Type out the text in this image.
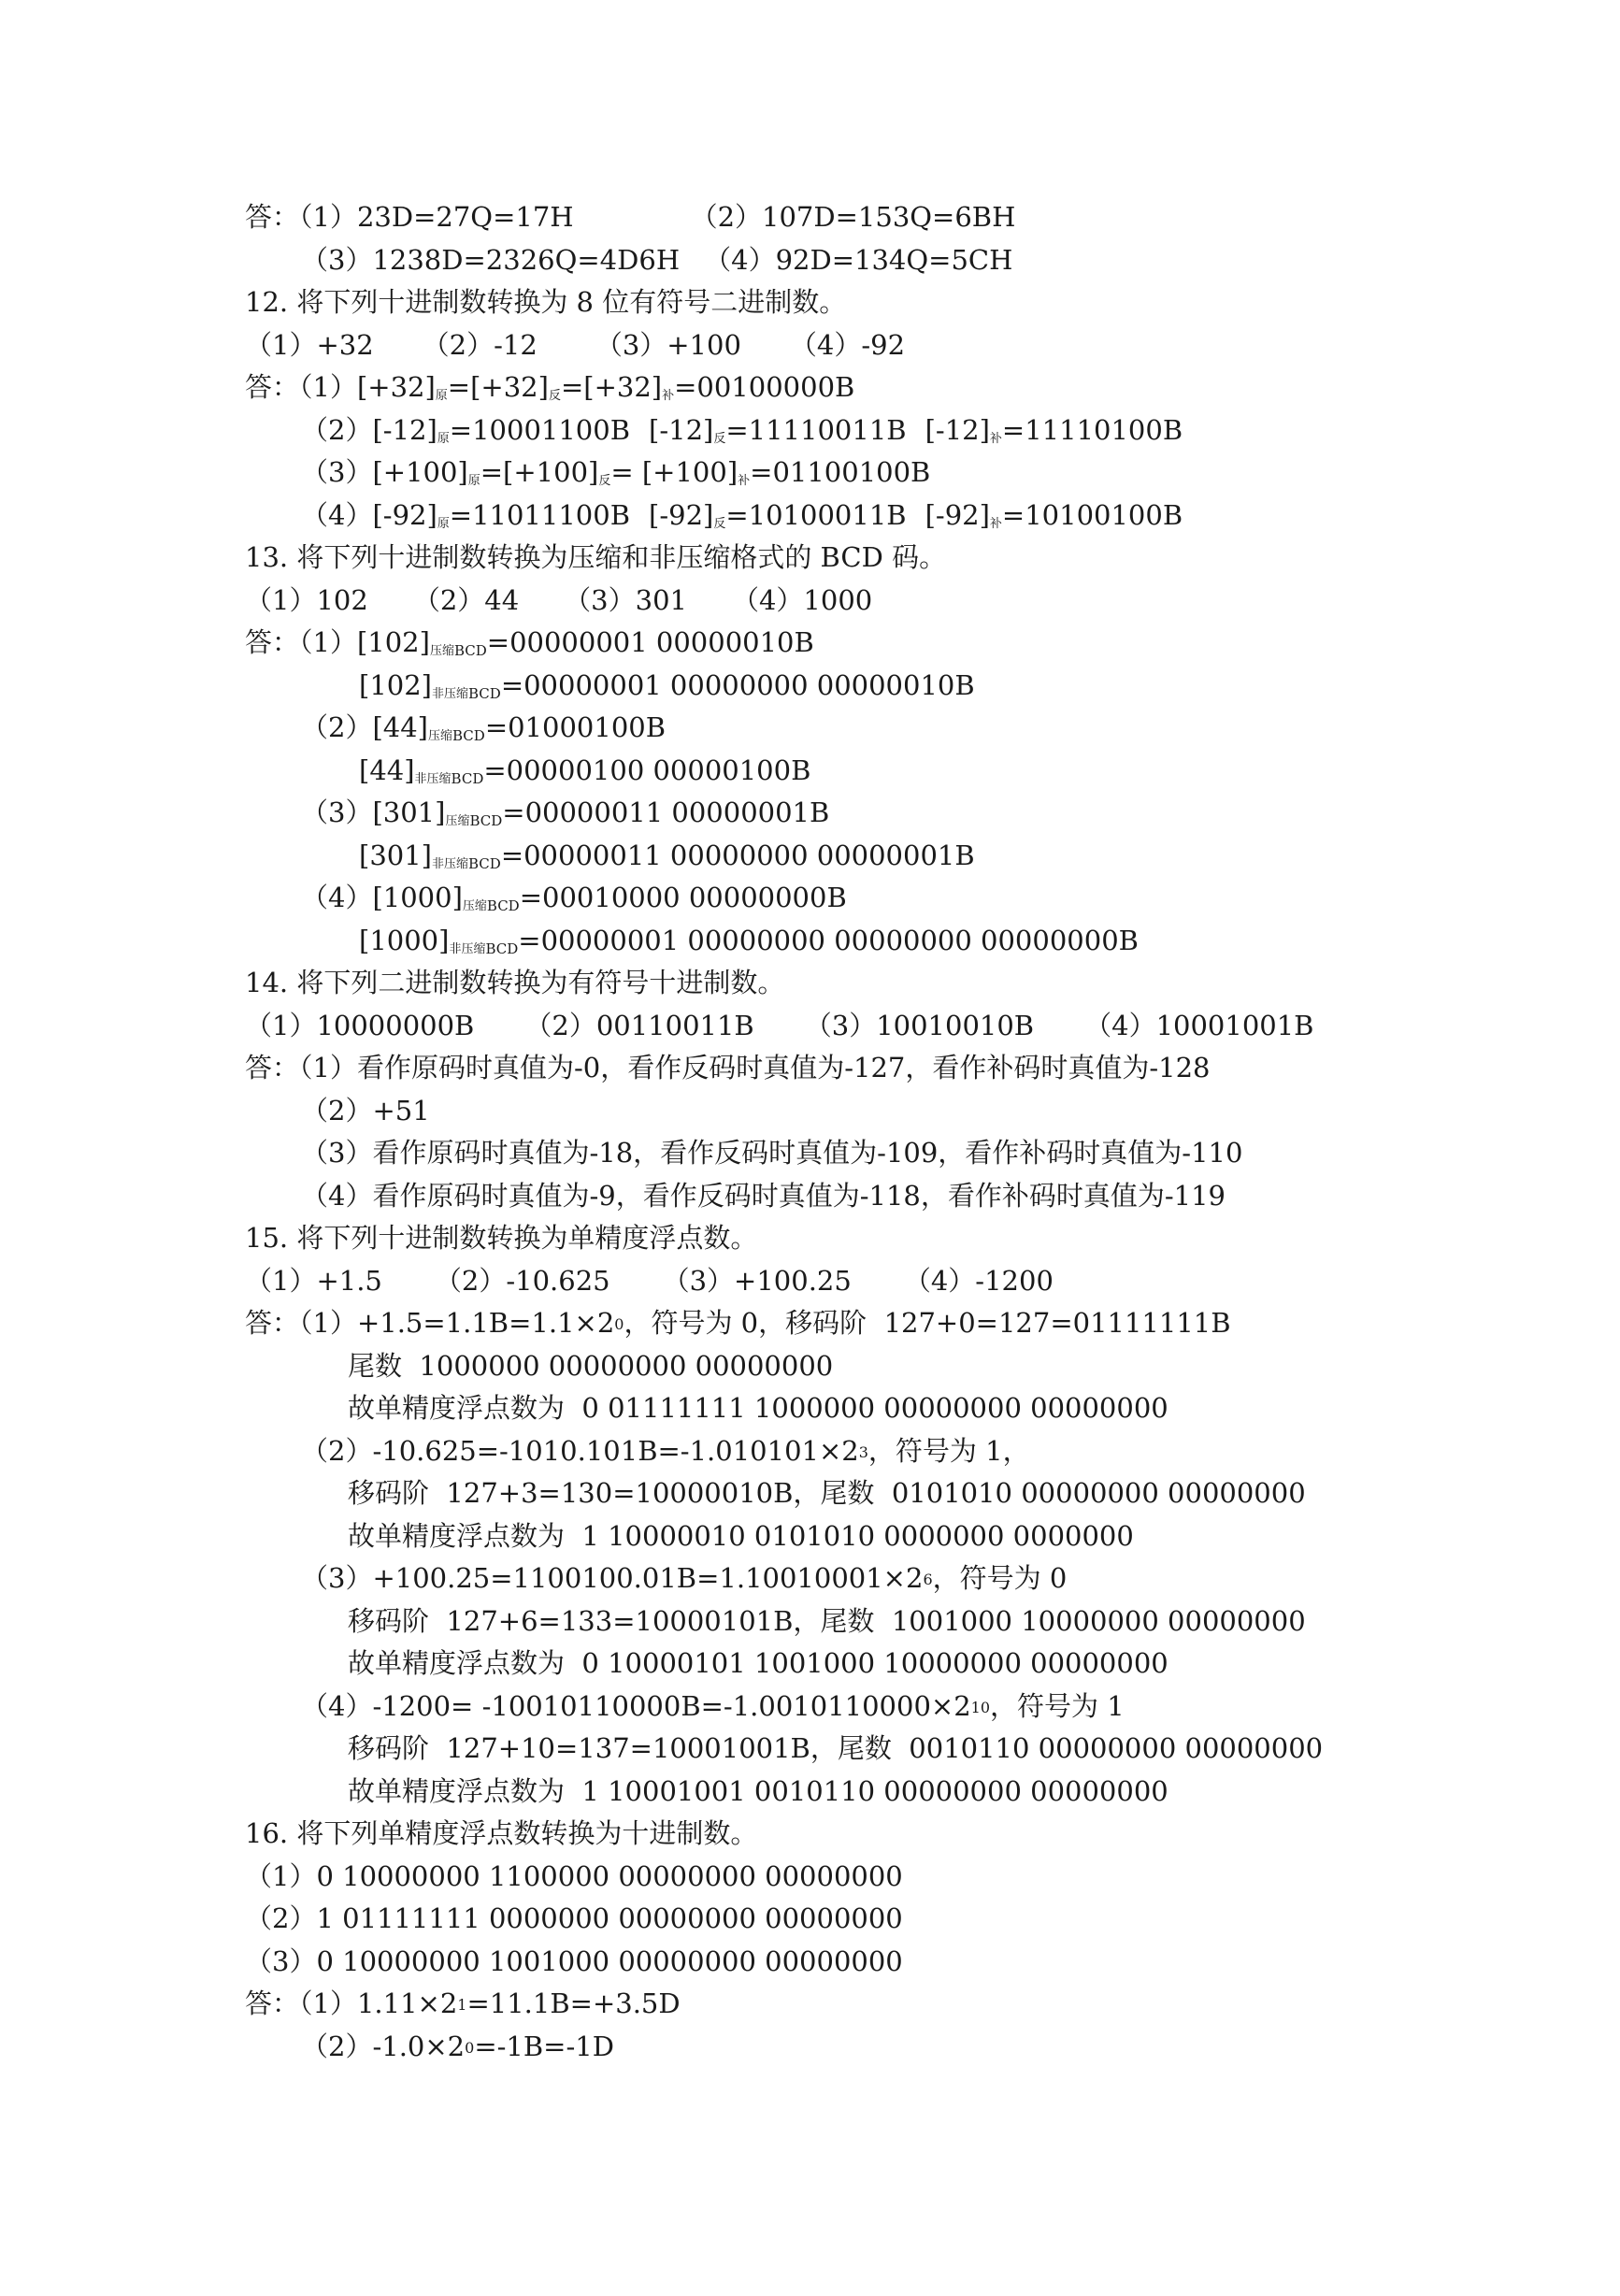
答：（1）23D=27Q=17H	（2）107D=153Q=6BH
（3）1238D=2326Q=4D6H （4）92D=134Q=5CH
12. 将下列十进制数转换为 8 位有符号二进制数。
（1）+32 （2）-12 （3）+100 （4）-92
答：（1）[+32] 原 =[+32] 反 =[+32] 补 =00100000B
（2）[-12] 原 =10001100B [-12] 反 =11110011B [-12] 补 =11110100B
（3）[+100] 原 =[+100] 反 = [+100] 补 =01100100B
（4）[-92] 原 =11011100B [-92] 反 =10100011B [-92] 补 =10100100B
13. 将下列十进制数转换为压缩和非压缩格式的 BCD 码。
（1）102 （2）44 （3）301 （4）1000
答：（1）[102] 压缩 BCD =00000001 00000010B
[102] 非压缩 BCD =00000001 00000000 00000010B
（2）[44] 压缩 BCD =01000100B
[44] 非压缩 BCD =00000100 00000100B
（3）[301] 压缩 BCD =00000011 00000001B
[301] 非压缩 BCD =00000011 00000000 00000001B
（4）[1000] 压缩 BCD =00010000 00000000B
[1000] 非压缩 BCD =00000001 00000000 00000000 00000000B
14. 将下列二进制数转换为有符号十进制数。
（1）10000000B （2）00110011B （3）10010010B （4）10001001B
答：（1）看作原码时真值为-0，看作反码时真值为-127，看作补码时真值为-128
（2）+51
（3）看作原码时真值为-18，看作反码时真值为-109，看作补码时真值为-110
（4）看作原码时真值为-9，看作反码时真值为-118，看作补码时真值为-119
15. 将下列十进制数转换为单精度浮点数。
（1）+1.5 （2）-10.625 （3）+100.25 （4）-1200
答：$(1)+1.5=1.1B=1.1\times 2^0$ ，符号为 0，移码阶  127+0=127=01111111B
尾数  1000000 00000000 00000000
故单精度浮点数为  0 01111111 1000000 00000000 00000000
$(2)-10.625=-1010.101B=-1.010101\times 2^3$ ，符号为 1，
移码阶  127+3=130=10000010B，尾数  0101010 00000000 00000000
故单精度浮点数为  1 10000010 0101010 0000000 0000000
$(3)+100.25=1100100.01B=1.10010001\times 2^6$ ，符号为 0
移码阶  127+6=133=10000101B，尾数  1001000 10000000 00000000
故单精度浮点数为  0 10000101 1001000 10000000 00000000
$(4)-1200= -10010110000B=-1.0010110000\times 2^{10}$ ，符号为 1
移码阶  127+10=137=10001001B，尾数  0010110 00000000 00000000
故单精度浮点数为  1 10001001 0010110 00000000 00000000
16. 将下列单精度浮点数转换为十进制数。
（1）0 10000000 1100000 00000000 00000000
（2）1 01111111 0000000 00000000 00000000
（3）0 10000000 1001000 00000000 00000000
答：$(1)1.11\times 2^1 =11.1B=+3.5D$
$(2)-1.0\times 2^0 =-1B=-1D$
